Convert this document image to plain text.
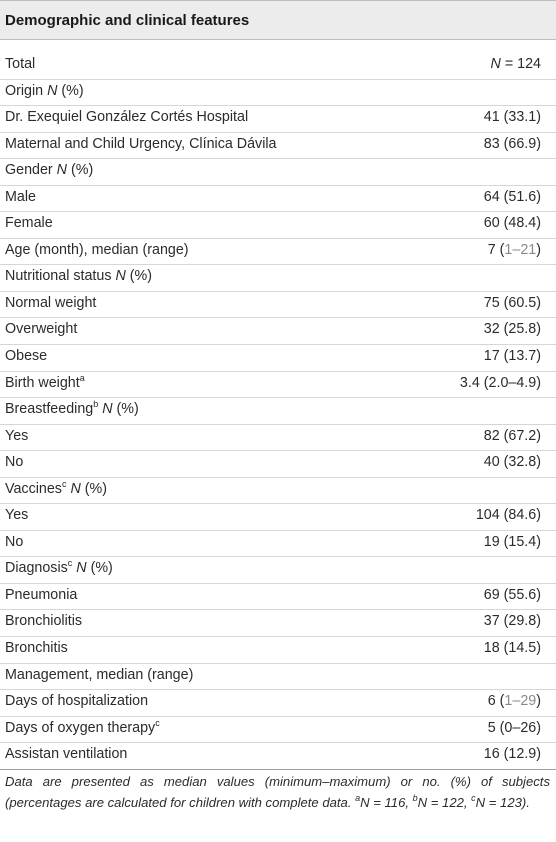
Demographic and clinical features
Total	N = 124
Origin N (%)
Dr. Exequiel González Cortés Hospital	41 (33.1)
Maternal and Child Urgency, Clínica Dávila	83 (66.9)
Gender N (%)
Male	64 (51.6)
Female	60 (48.4)
Age (month), median (range)	7 (1–21)
Nutritional status N (%)
Normal weight	75 (60.5)
Overweight	32 (25.8)
Obese	17 (13.7)
Birth weight$^a$	3.4 (2.0–4.9)
Breastfeeding$^b$ N (%)
Yes	82 (67.2)
No	40 (32.8)
Vaccines$^c$ N (%)
Yes	104 (84.6)
No	19 (15.4)
Diagnosis$^c$ N (%)
Pneumonia	69 (55.6)
Bronchiolitis	37 (29.8)
Bronchitis	18 (14.5)
Management, median (range)
Days of hospitalization	6 (1–29)
Days of oxygen therapy$^c$	5 (0–26)
Assistan ventilation	16 (12.9)
Data are presented as median values (minimum–maximum) or no. (%) of subjects (percentages are calculated for children with complete data. $^a$N = 116, $^b$N = 122, $^c$N = 123).
